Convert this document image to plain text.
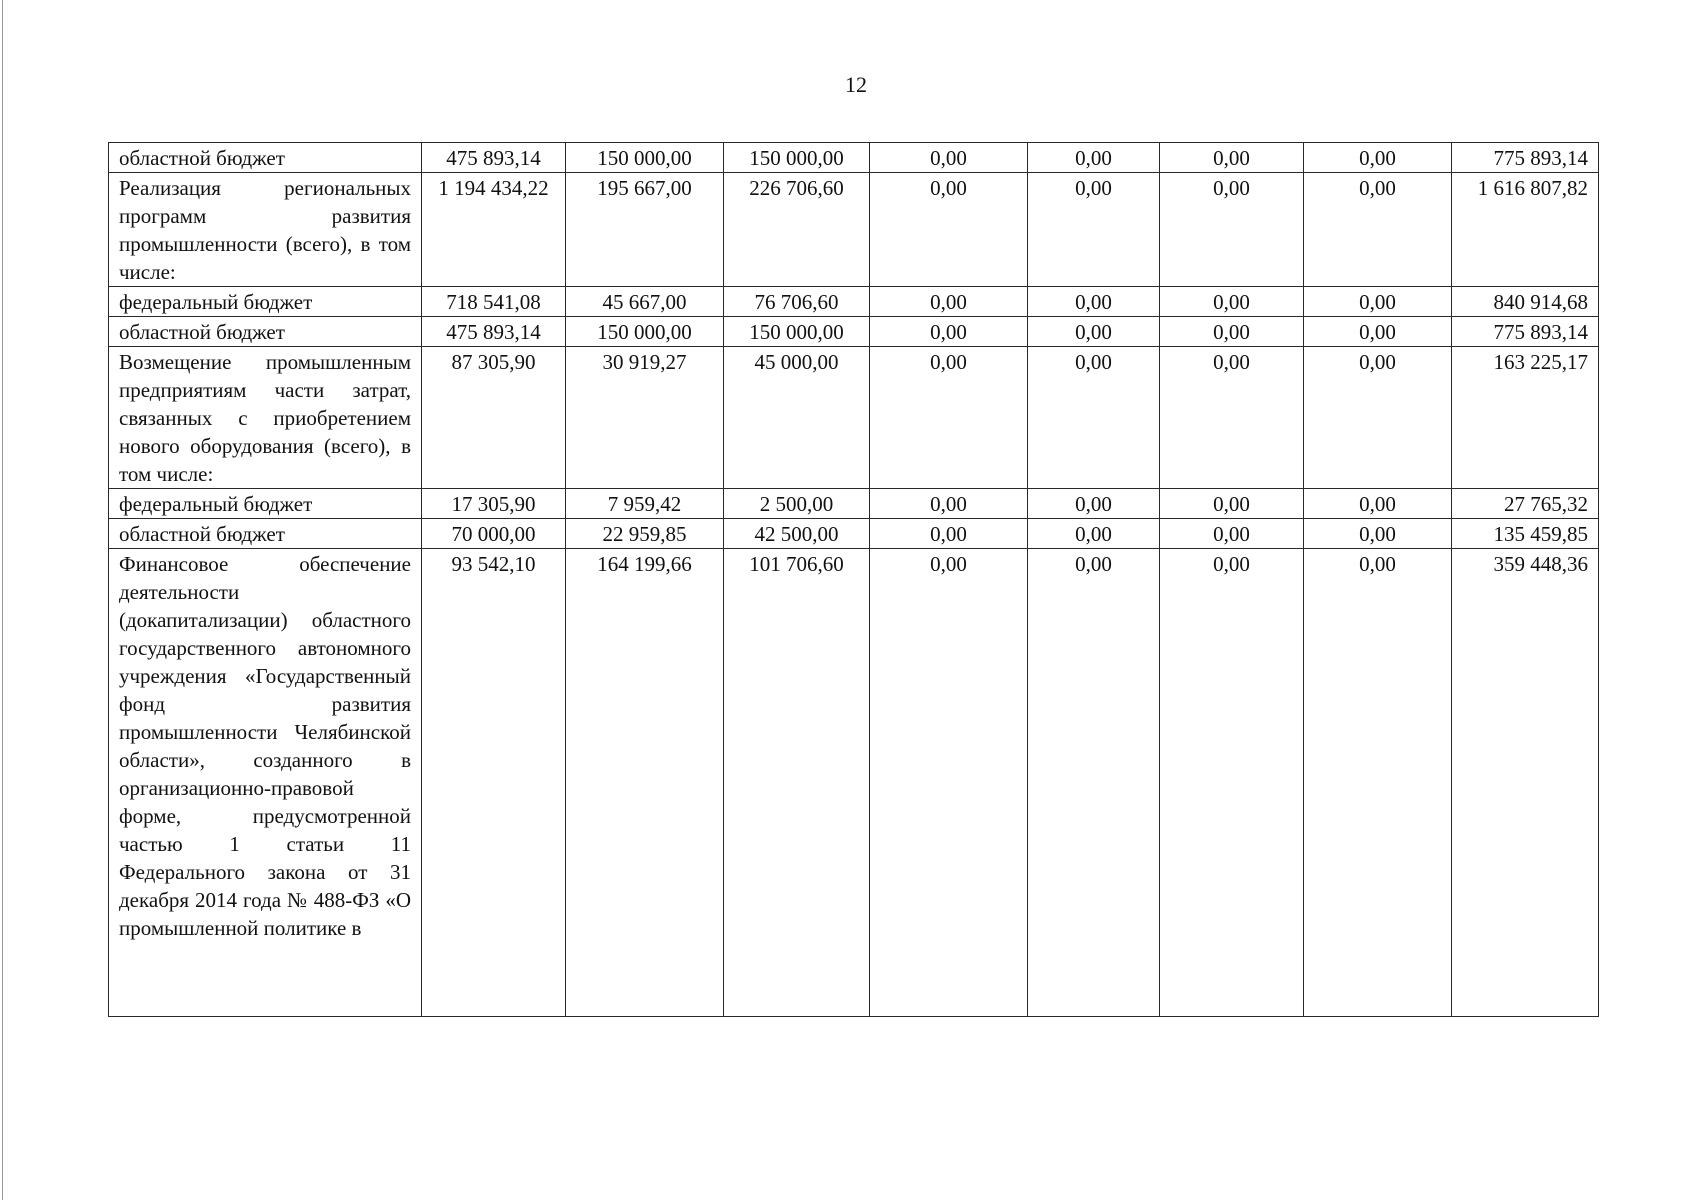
12
областной бюджет	475 893,14	150 000,00	150 000,00	0,00	0,00	0,00	0,00	775 893,14
Реализация региональных программ развития промышленности (всего), в том числе:	1 194 434,22	195 667,00	226 706,60	0,00	0,00	0,00	0,00	1 616 807,82
федеральный бюджет	718 541,08	45 667,00	76 706,60	0,00	0,00	0,00	0,00	840 914,68
областной бюджет	475 893,14	150 000,00	150 000,00	0,00	0,00	0,00	0,00	775 893,14
Возмещение промышленным предприятиям части затрат, связанных с приобретением нового оборудования (всего), в том числе:	87 305,90	30 919,27	45 000,00	0,00	0,00	0,00	0,00	163 225,17
федеральный бюджет	17 305,90	7 959,42	2 500,00	0,00	0,00	0,00	0,00	27 765,32
областной бюджет	70 000,00	22 959,85	42 500,00	0,00	0,00	0,00	0,00	135 459,85
Финансовое обеспечение деятельности (докапитализации) областного государственного автономного учреждения «Государственный фонд развития промышленности Челябинской области», созданного в организационно-правовой форме, предусмотренной частью 1 статьи 11 Федерального закона от 31 декабря 2014 года № 488-ФЗ «О промышленной политике в	93 542,10	164 199,66	101 706,60	0,00	0,00	0,00	0,00	359 448,36
